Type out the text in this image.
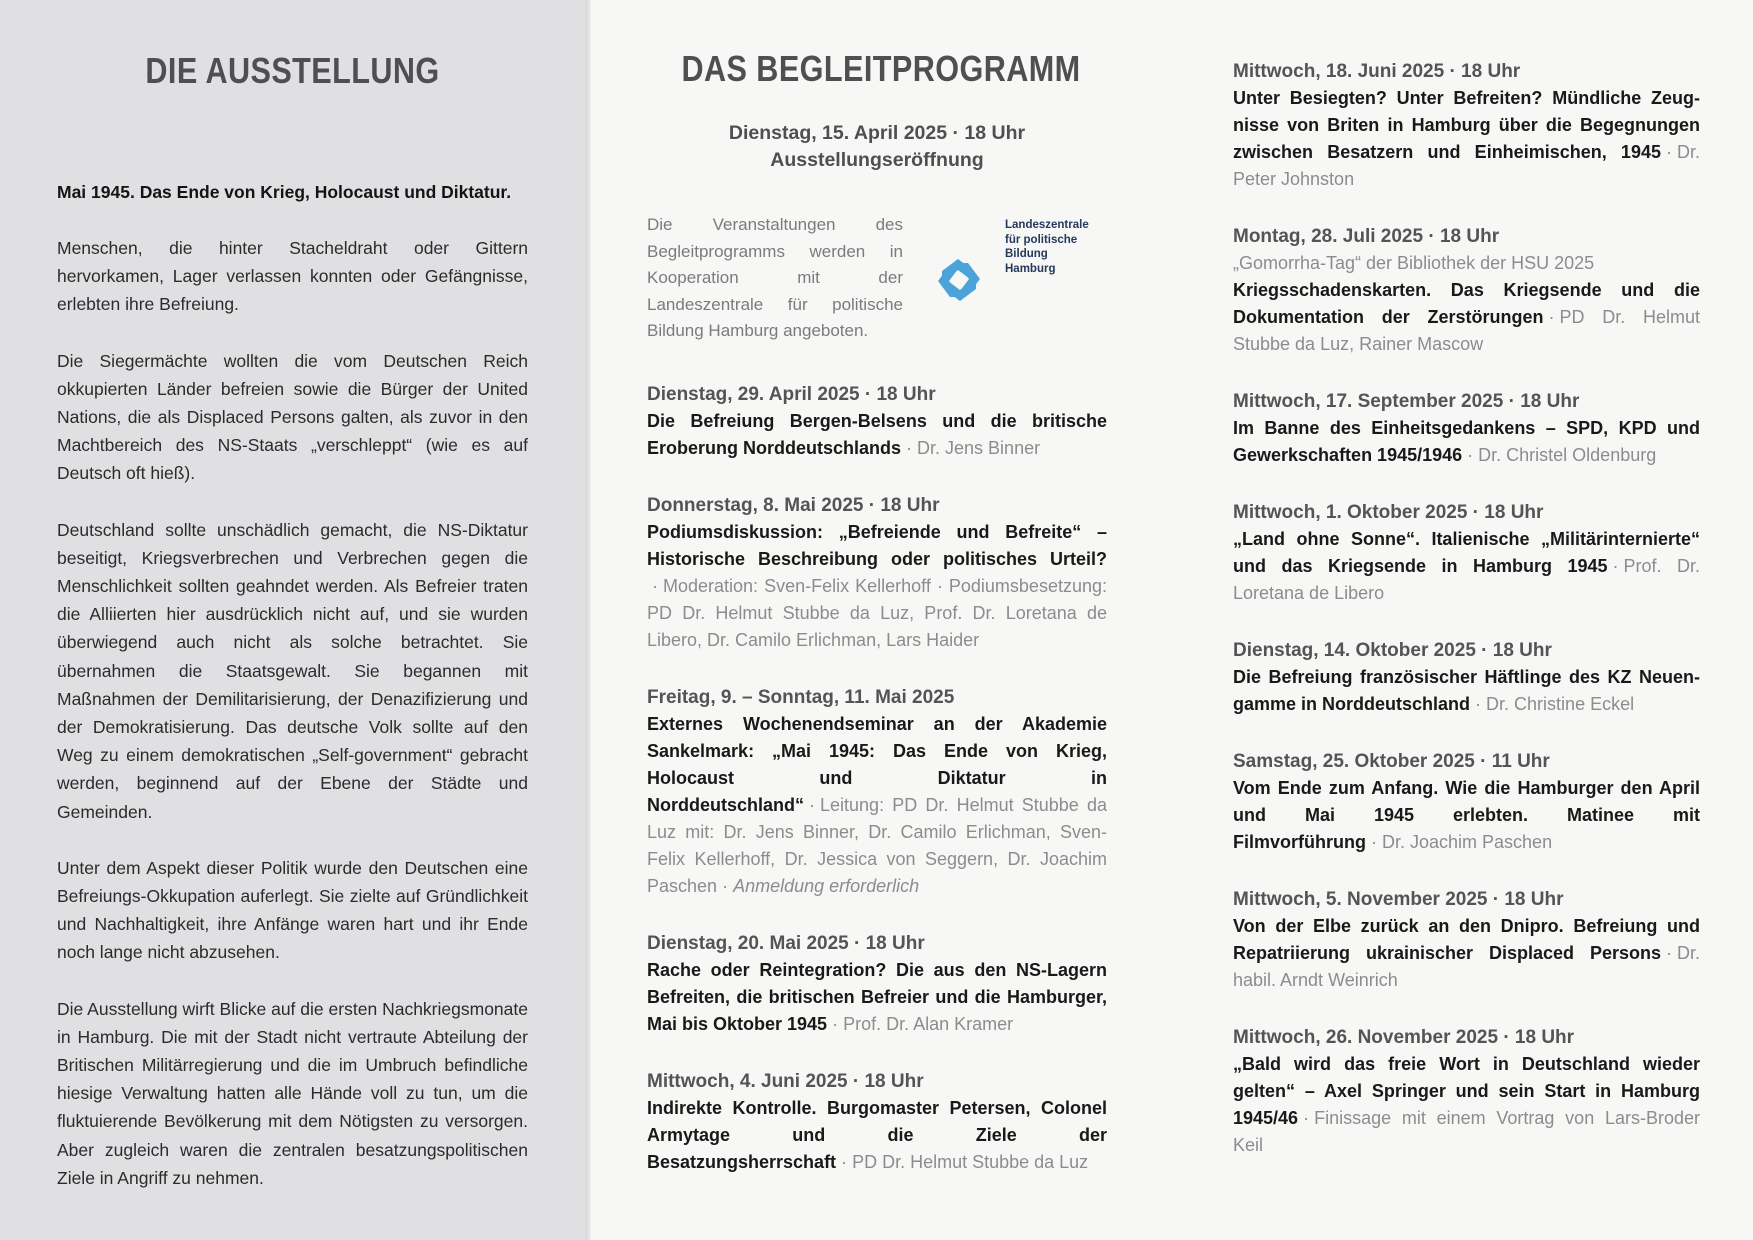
DIE AUSSTELLUNG

Mai 1945. Das Ende von Krieg, Holocaust und Diktatur.

Menschen, die hinter Stacheldraht oder Gittern hervorkamen, Lager verlassen konnten oder Gefängnisse, erlebten ihre Befreiung.

Die Siegermächte wollten die vom Deutschen Reich okkupierten Länder befreien sowie die Bürger der United Nations, die als Displaced Persons galten, als zuvor in den Machtbereich des NS-Staats „verschleppt“ (wie es auf Deutsch oft hieß).

Deutschland sollte unschädlich gemacht, die NS-Diktatur beseitigt, Kriegsverbrechen und Verbrechen gegen die Menschlichkeit sollten geahndet werden. Als Befreier traten die Alliierten hier ausdrücklich nicht auf, und sie wurden überwiegend auch nicht als solche betrachtet. Sie übernahmen die Staatsgewalt. Sie begannen mit Maßnahmen der Demilitarisierung, der Denazifizierung und der Demokratisierung. Das deutsche Volk sollte auf den Weg zu einem demokratischen „Self-government“ gebracht werden, beginnend auf der Ebene der Städte und Gemeinden.

Unter dem Aspekt dieser Politik wurde den Deutschen eine Befreiungs-Okkupation auferlegt. Sie zielte auf Gründlichkeit und Nachhaltigkeit, ihre Anfänge waren hart und ihr Ende noch lange nicht abzusehen.

Die Ausstellung wirft Blicke auf die ersten Nachkriegsmonate in Hamburg. Die mit der Stadt nicht vertraute Abteilung der Britischen Militärregierung und die im Umbruch befindliche hiesige Verwaltung hatten alle Hände voll zu tun, um die fluktuierende Bevölkerung mit dem Nötigsten zu versorgen. Aber zugleich waren die zentralen besatzungspolitischen Ziele in Angriff zu nehmen.

DAS BEGLEITPROGRAMM
Dienstag, 15. April 2025 · 18 Uhr
Ausstellungseröffnung

Die Veranstaltungen des Begleitprogramms werden in Kooperation mit der Landeszentrale für politische Bildung Hamburg angeboten.

Landeszentrale
für politische Bildung
Hamburg
Dienstag, 29. April 2025 · 18 Uhr

Die Befreiung Bergen-Belsens und die britische Eroberung Norddeutschlands · Dr. Jens Binner

Donnerstag, 8. Mai 2025 · 18 Uhr

Podiumsdiskussion: „Befreiende und Befreite“ – Historische Beschreibung oder politisches Urteil?· Moderation: Sven-Felix Kellerhoff · Podiumsbesetzung: PD Dr. Helmut Stubbe da Luz, Prof. Dr. Loretana de Libero, Dr. Camilo Erlichman, Lars Haider

Freitag, 9. – Sonntag, 11. Mai 2025

Externes Wochenendseminar an der Akademie Sankelmark: „Mai 1945: Das Ende von Krieg, Holocaust und Diktatur in Norddeutschland“ · Leitung: PD Dr. Helmut Stubbe da Luz mit: Dr. Jens Binner, Dr. Camilo Erlichman, Sven-Felix Kellerhoff, Dr. Jessica von Seggern, Dr. Joachim Paschen · Anmeldung erforderlich

Dienstag, 20. Mai 2025 · 18 Uhr

Rache oder Reintegration? Die aus den NS-Lagern Befreiten, die britischen Befreier und die Hamburger, Mai bis Oktober 1945 · Prof. Dr. Alan Kramer

Mittwoch, 4. Juni 2025 · 18 Uhr

Indirekte Kontrolle. Burgomaster Petersen, Colonel Armytage und die Ziele der Besatzungsherrschaft · PD Dr. Helmut Stubbe da Luz

Mittwoch, 18. Juni 2025 · 18 Uhr

Unter Besiegten? Unter Befreiten? Mündliche Zeugnisse von Briten in Hamburg über die Begegnungen zwischen Besatzern und Einheimischen, 1945 · Dr. Peter Johnston

Montag, 28. Juli 2025 · 18 Uhr

„Gomorrha-Tag“ der Bibliothek der HSU 2025
Kriegsschadenskarten. Das Kriegsende und die Dokumentation der Zerstörungen · PD Dr. Helmut Stubbe da Luz, Rainer Mascow

Mittwoch, 17. September 2025 · 18 Uhr

Im Banne des Einheitsgedankens – SPD, KPD und Gewerkschaften 1945/1946 · Dr. Christel Oldenburg

Mittwoch, 1. Oktober 2025 · 18 Uhr

„Land ohne Sonne“. Italienische „Militärinternierte“ und das Kriegsende in Hamburg 1945 · Prof. Dr. Loretana de Libero

Dienstag, 14. Oktober 2025 · 18 Uhr

Die Befreiung französischer Häftlinge des KZ Neuengamme in Norddeutschland · Dr. Christine Eckel

Samstag, 25. Oktober 2025 · 11 Uhr

Vom Ende zum Anfang. Wie die Hamburger den April und Mai 1945 erlebten. Matinee mit Filmvorführung · Dr. Joachim Paschen

Mittwoch, 5. November 2025 · 18 Uhr

Von der Elbe zurück an den Dnipro. Befreiung und Repatriierung ukrainischer Displaced Persons · Dr. habil. Arndt Weinrich

Mittwoch, 26. November 2025 · 18 Uhr

„Bald wird das freie Wort in Deutschland wieder gelten“ – Axel Springer und sein Start in Hamburg 1945/46 · Finissage mit einem Vortrag von Lars-Broder Keil
